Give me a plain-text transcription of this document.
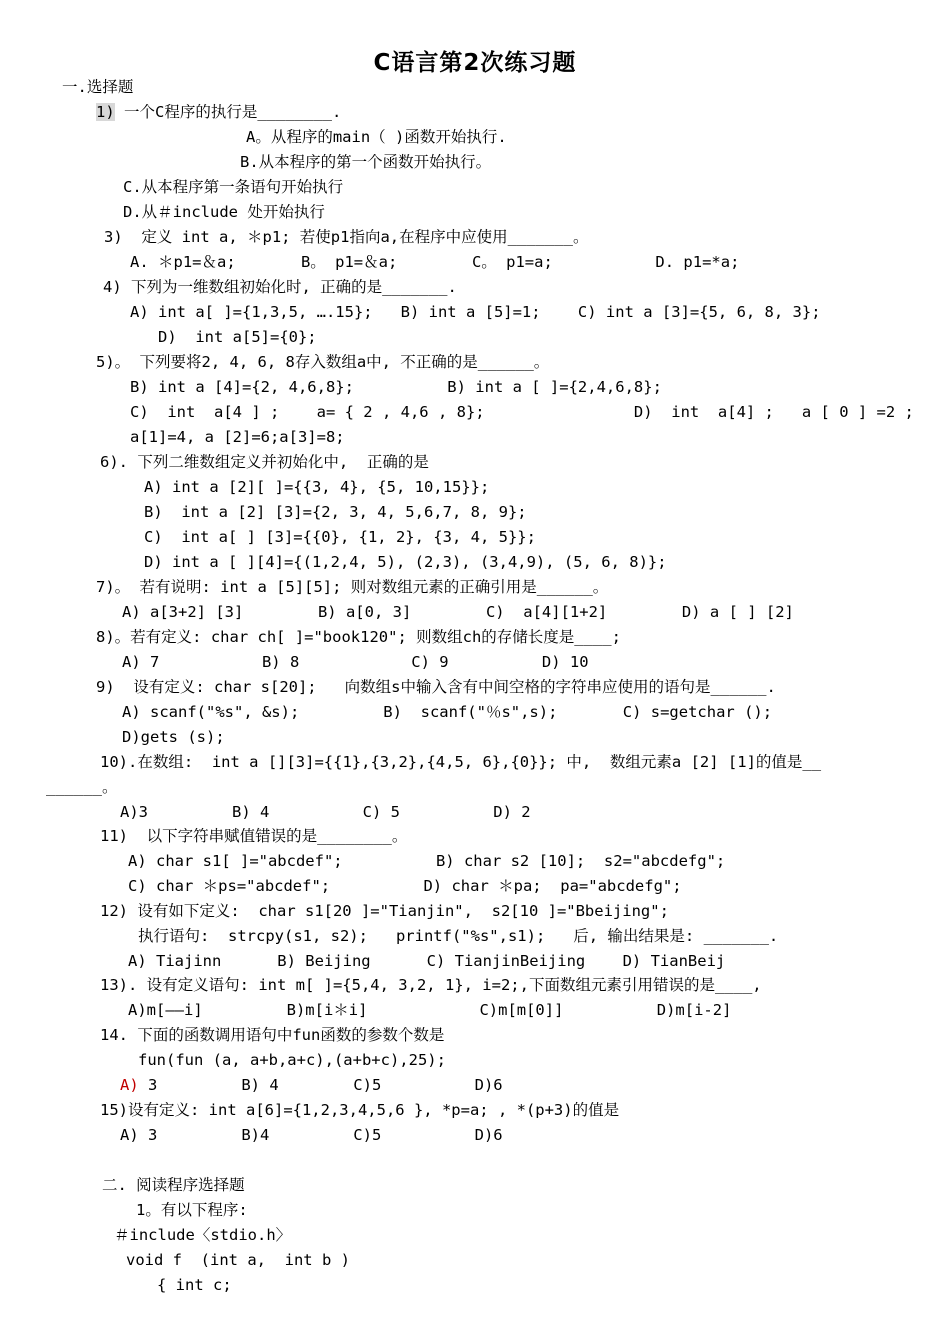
C语言第2次练习题
一.选择题
1) 一个C程序的执行是________.
A。从程序的main（ )函数开始执行.
B.从本程序的第一个函数开始执行。
C.从本程序第一条语句开始执行
D.从＃include 处开始执行
3)  定义 int a, ＊p1; 若使p1指向a,在程序中应使用_______。
A. ＊p1=＆a;       B。 p1=＆a;        C。 p1=a;           D. p1=*a;
4) 下列为一维数组初始化时, 正确的是_______.
A) int a[ ]={1,3,5, ….15};   B) int a [5]=1;    C) int a [3]={5, 6, 8, 3};
D)  int a[5]={0};
5)。 下列要将2, 4, 6, 8存入数组a中, 不正确的是______。
B) int a [4]={2, 4,6,8};          B) int a [ ]={2,4,6,8};
C)  int  a[4 ] ;    a= { 2 , 4,6 , 8};                D)  int  a[4] ;   a [ 0 ] =2 ;
a[1]=4, a [2]=6;a[3]=8;
6). 下列二维数组定义并初始化中,  正确的是
A) int a [2][ ]={{3, 4}, {5, 10,15}};
B)  int a [2] [3]={2, 3, 4, 5,6,7, 8, 9};
C)  int a[ ] [3]={{0}, {1, 2}, {3, 4, 5}};
D) int a [ ][4]={(1,2,4, 5), (2,3), (3,4,9), (5, 6, 8)};
7)。 若有说明: int a [5][5]; 则对数组元素的正确引用是______。
A) a[3+2] [3]        B) a[0, 3]        C)  a[4][1+2]        D) a [ ] [2]
8)。若有定义: char ch[ ]="book120"; 则数组ch的存储长度是____;
A) 7           B) 8            C) 9          D) 10
9)  设有定义: char s[20];   向数组s中输入含有中间空格的字符串应使用的语句是______.
A) scanf("%s", &s);         B)  scanf("％s",s);       C) s=getchar ();
D)gets (s);
10).在数组:  int a [][3]={{1},{3,2},{4,5, 6},{0}}; 中,  数组元素a [2] [1]的值是__
______。
A)3         B) 4          C) 5          D) 2
11)  以下字符串赋值错误的是________。
A) char s1[ ]="abcdef";          B) char s2 [10];  s2="abcdefg";
C) char ＊ps="abcdef";          D) char ＊pa;  pa="abcdefg";
12) 设有如下定义:  char s1[20 ]="Tianjin",  s2[10 ]="Bbeijing";
执行语句:  strcpy(s1, s2);   printf("%s",s1);   后, 输出结果是: _______.
A) Tiajinn      B) Beijing      C) TianjinBeijing    D) TianBeij
13). 设有定义语句: int m[ ]={5,4, 3,2, 1}, i=2;,下面数组元素引用错误的是____,
A)m[——i]         B)m[i＊i]            C)m[m[0]]          D)m[i-2]
14. 下面的函数调用语句中fun函数的参数个数是
fun(fun (a, a+b,a+c),(a+b+c),25);
A) 3         B) 4        C)5          D)6
15)设有定义: int a[6]={1,2,3,4,5,6 }, *p=a; , *(p+3)的值是
A) 3         B)4         C)5          D)6
二. 阅读程序选择题
1。有以下程序:
＃include〈stdio.h〉
void f  (int a,  int b )
{ int c;
